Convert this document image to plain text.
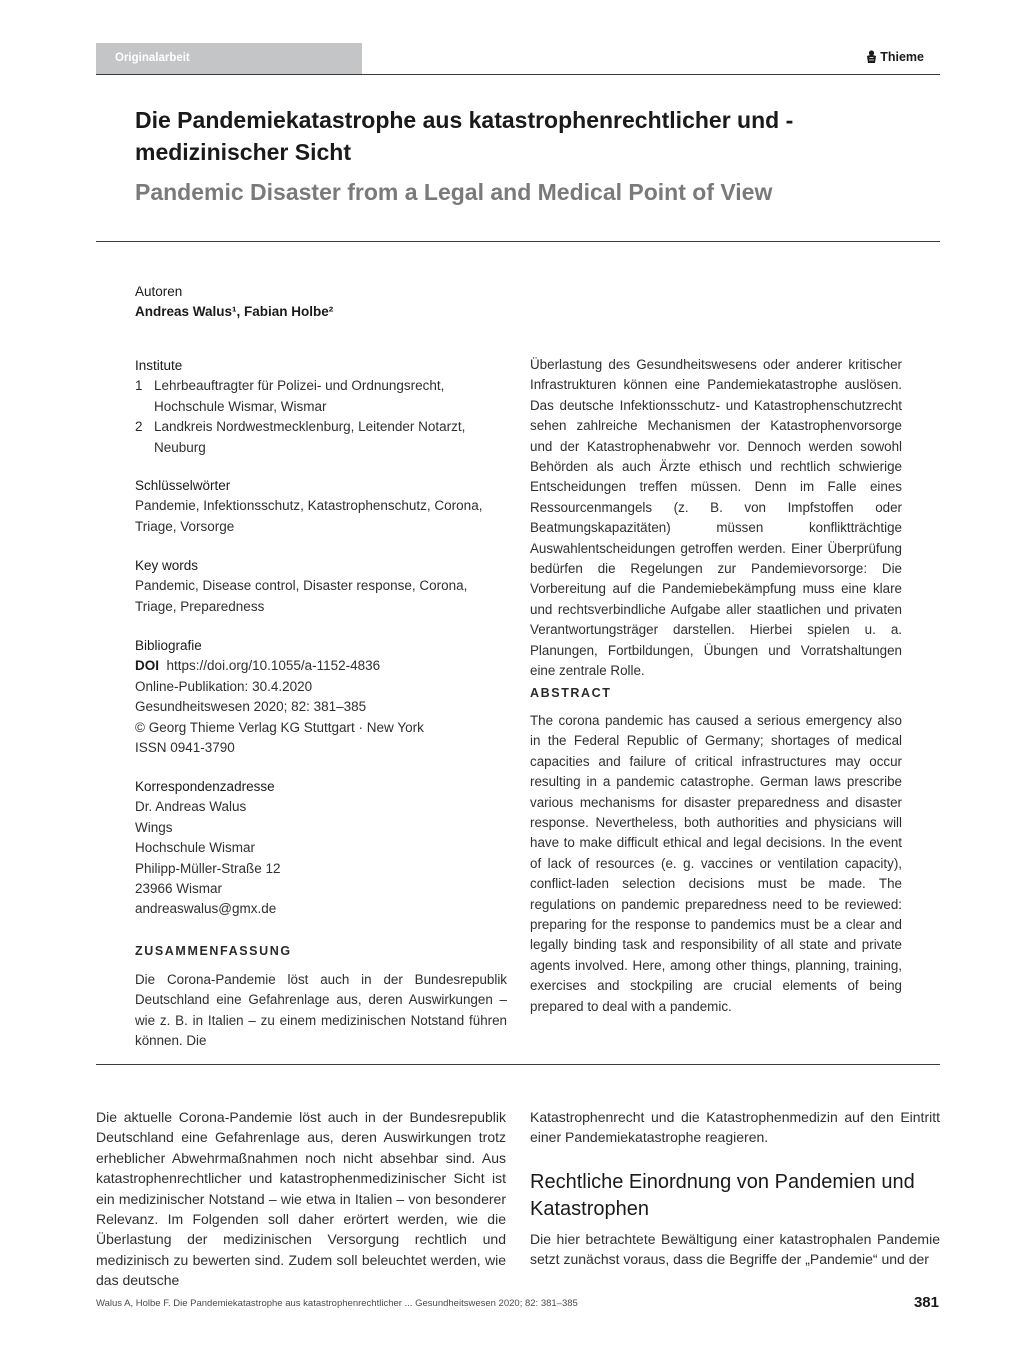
Originalarbeit	Thieme
Die Pandemiekatastrophe aus katastrophenrechtlicher und -medizinischer Sicht
Pandemic Disaster from a Legal and Medical Point of View
Autoren
Andreas Walus¹, Fabian Holbe²
Institute
1 Lehrbeauftragter für Polizei- und Ordnungsrecht, Hochschule Wismar, Wismar
2 Landkreis Nordwestmecklenburg, Leitender Notarzt, Neuburg
Schlüsselwörter
Pandemie, Infektionsschutz, Katastrophenschutz, Corona, Triage, Vorsorge
Key words
Pandemic, Disease control, Disaster response, Corona, Triage, Preparedness
Bibliografie
DOI https://doi.org/10.1055/a-1152-4836
Online-Publikation: 30.4.2020
Gesundheitswesen 2020; 82: 381–385
© Georg Thieme Verlag KG Stuttgart · New York
ISSN 0941-3790
Korrespondenzadresse
Dr. Andreas Walus
Wings
Hochschule Wismar
Philipp-Müller-Straße 12
23966 Wismar
andreaswalus@gmx.de
ZUSAMMENFASSUNG
Die Corona-Pandemie löst auch in der Bundesrepublik Deutschland eine Gefahrenlage aus, deren Auswirkungen – wie z. B. in Italien – zu einem medizinischen Notstand führen können. Die
Überlastung des Gesundheitswesens oder anderer kritischer Infrastrukturen können eine Pandemiekatastrophe auslösen. Das deutsche Infektionsschutz- und Katastrophenschutzrecht sehen zahlreiche Mechanismen der Katastrophenvorsorge und der Katastrophenabwehr vor. Dennoch werden sowohl Behörden als auch Ärzte ethisch und rechtlich schwierige Entscheidungen treffen müssen. Denn im Falle eines Ressourcenmangels (z. B. von Impfstoffen oder Beatmungskapazitäten) müssen konfliktträchtige Auswahlentscheidungen getroffen werden. Einer Überprüfung bedürfen die Regelungen zur Pandemievorsorge: Die Vorbereitung auf die Pandemiebekämpfung muss eine klare und rechtsverbindliche Aufgabe aller staatlichen und privaten Verantwortungsträger darstellen. Hierbei spielen u. a. Planungen, Fortbildungen, Übungen und Vorratshaltungen eine zentrale Rolle.
ABSTRACT
The corona pandemic has caused a serious emergency also in the Federal Republic of Germany; shortages of medical capacities and failure of critical infrastructures may occur resulting in a pandemic catastrophe. German laws prescribe various mechanisms for disaster preparedness and disaster response. Nevertheless, both authorities and physicians will have to make difficult ethical and legal decisions. In the event of lack of resources (e. g. vaccines or ventilation capacity), conflict-laden selection decisions must be made. The regulations on pandemic preparedness need to be reviewed: preparing for the response to pandemics must be a clear and legally binding task and responsibility of all state and private agents involved. Here, among other things, planning, training, exercises and stockpiling are crucial elements of being prepared to deal with a pandemic.
Die aktuelle Corona-Pandemie löst auch in der Bundesrepublik Deutschland eine Gefahrenlage aus, deren Auswirkungen trotz erheblicher Abwehrmaßnahmen noch nicht absehbar sind. Aus katastrophenrechtlicher und katastrophenmedizinischer Sicht ist ein medizinischer Notstand – wie etwa in Italien – von besonderer Relevanz. Im Folgenden soll daher erörtert werden, wie die Überlastung der medizinischen Versorgung rechtlich und medizinisch zu bewerten sind. Zudem soll beleuchtet werden, wie das deutsche
Katastrophenrecht und die Katastrophenmedizin auf den Eintritt einer Pandemiekatastrophe reagieren.
Rechtliche Einordnung von Pandemien und Katastrophen
Die hier betrachtete Bewältigung einer katastrophalen Pandemie setzt zunächst voraus, dass die Begriffe der „Pandemie“ und der
Walus A, Holbe F. Die Pandemiekatastrophe aus katastrophenrechtlicher ... Gesundheitswesen 2020; 82: 381–385	381
